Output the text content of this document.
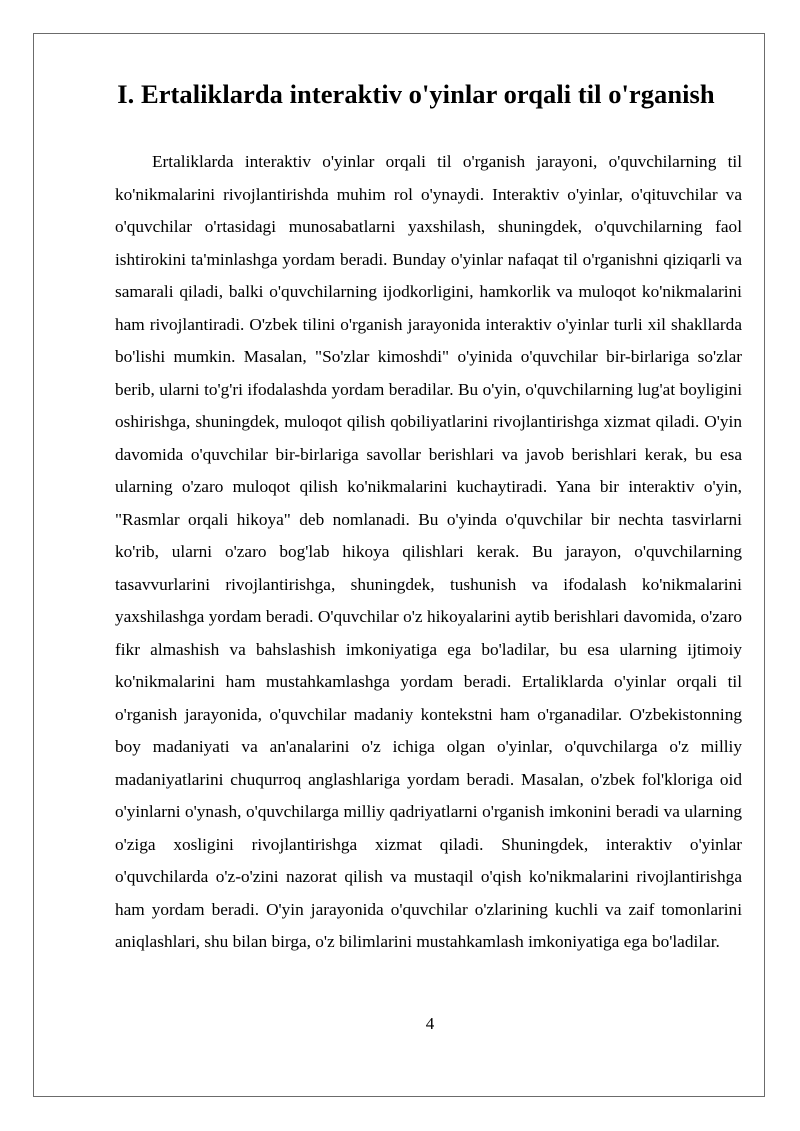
I. Ertaliklarda interaktiv o'yinlar orqali til o'rganish

Ertaliklarda interaktiv o'yinlar orqali til o'rganish jarayoni, o'quvchilarning til ko'nikmalarini rivojlantirishda muhim rol o'ynaydi. Interaktiv o'yinlar, o'qituvchilar va o'quvchilar o'rtasidagi munosabatlarni yaxshilash, shuningdek, o'quvchilarning faol ishtirokini ta'minlashga yordam beradi. Bunday o'yinlar nafaqat til o'rganishni qiziqarli va samarali qiladi, balki o'quvchilarning ijodkorligini, hamkorlik va muloqot ko'nikmalarini ham rivojlantiradi. O'zbek tilini o'rganish jarayonida interaktiv o'yinlar turli xil shakllarda bo'lishi mumkin. Masalan, "So'zlar kimoshdi" o'yinida o'quvchilar bir-birlariga so'zlar berib, ularni to'g'ri ifodalashda yordam beradilar. Bu o'yin, o'quvchilarning lug'at boyligini oshirishga, shuningdek, muloqot qilish qobiliyatlarini rivojlantirishga xizmat qiladi. O'yin davomida o'quvchilar bir-birlariga savollar berishlari va javob berishlari kerak, bu esa ularning o'zaro muloqot qilish ko'nikmalarini kuchaytiradi. Yana bir interaktiv o'yin, "Rasmlar orqali hikoya" deb nomlanadi. Bu o'yinda o'quvchilar bir nechta tasvirlarni ko'rib, ularni o'zaro bog'lab hikoya qilishlari kerak. Bu jarayon, o'quvchilarning tasavvurlarini rivojlantirishga, shuningdek, tushunish va ifodalash ko'nikmalarini yaxshilashga yordam beradi. O'quvchilar o'z hikoyalarini aytib berishlari davomida, o'zaro fikr almashish va bahslashish imkoniyatiga ega bo'ladilar, bu esa ularning ijtimoiy ko'nikmalarini ham mustahkamlashga yordam beradi. Ertaliklarda o'yinlar orqali til o'rganish jarayonida, o'quvchilar madaniy kontekstni ham o'rganadilar. O'zbekistonning boy madaniyati va an'analarini o'z ichiga olgan o'yinlar, o'quvchilarga o'z milliy madaniyatlarini chuqurroq anglashlariga yordam beradi. Masalan, o'zbek fol'kloriga oid o'yinlarni o'ynash, o'quvchilarga milliy qadriyatlarni o'rganish imkonini beradi va ularning o'ziga xosligini rivojlantirishga xizmat qiladi. Shuningdek, interaktiv o'yinlar o'quvchilarda o'z-o'zini nazorat qilish va mustaqil o'qish ko'nikmalarini rivojlantirishga ham yordam beradi. O'yin jarayonida o'quvchilar o'zlarining kuchli va zaif tomonlarini aniqlashlari, shu bilan birga, o'z bilimlarini mustahkamlash imkoniyatiga ega bo'ladilar.

4
